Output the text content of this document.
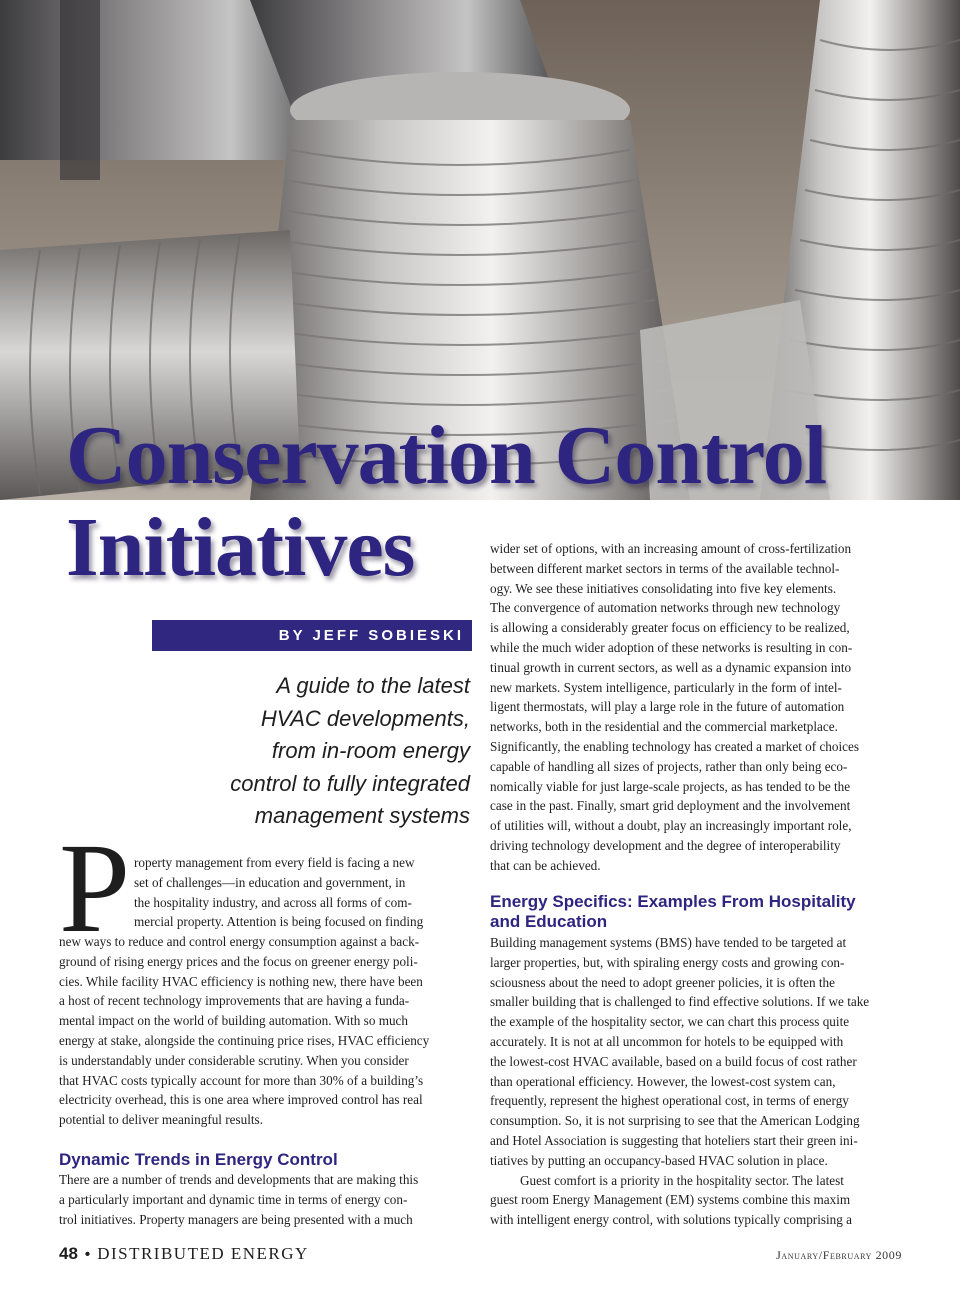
Conservation Control
Initiatives
BY JEFF SOBIESKI
A guide to the latest
HVAC developments,
from in-room energy
control to fully integrated
management systems
P roperty management from every field is facing a new
set of challenges—in education and government, in
the hospitality industry, and across all forms of com-
mercial property. Attention is being focused on finding
new ways to reduce and control energy consumption against a back-
ground of rising energy prices and the focus on greener energy poli-
cies. While facility HVAC efficiency is nothing new, there have been
a host of recent technology improvements that are having a funda-
mental impact on the world of building automation. With so much
energy at stake, alongside the continuing price rises, HVAC efficiency
is understandably under considerable scrutiny. When you consider
that HVAC costs typically account for more than 30% of a building’s
electricity overhead, this is one area where improved control has real
potential to deliver meaningful results.
Dynamic Trends in Energy Control
There are a number of trends and developments that are making this
a particularly important and dynamic time in terms of energy con-
trol initiatives. Property managers are being presented with a much
wider set of options, with an increasing amount of cross-fertilization
between different market sectors in terms of the available technol-
ogy. We see these initiatives consolidating into five key elements.
The convergence of automation networks through new technology
is allowing a considerably greater focus on efficiency to be realized,
while the much wider adoption of these networks is resulting in con-
tinual growth in current sectors, as well as a dynamic expansion into
new markets. System intelligence, particularly in the form of intel-
ligent thermostats, will play a large role in the future of automation
networks, both in the residential and the commercial marketplace.
Significantly, the enabling technology has created a market of choices
capable of handling all sizes of projects, rather than only being eco-
nomically viable for just large-scale projects, as has tended to be the
case in the past. Finally, smart grid deployment and the involvement
of utilities will, without a doubt, play an increasingly important role,
driving technology development and the degree of interoperability
that can be achieved.
Energy Specifics: Examples From Hospitality
and Education
Building management systems (BMS) have tended to be targeted at
larger properties, but, with spiraling energy costs and growing con-
sciousness about the need to adopt greener policies, it is often the
smaller building that is challenged to find effective solutions. If we take
the example of the hospitality sector, we can chart this process quite
accurately. It is not at all uncommon for hotels to be equipped with
the lowest-cost HVAC available, based on a build focus of cost rather
than operational efficiency. However, the lowest-cost system can,
frequently, represent the highest operational cost, in terms of energy
consumption. So, it is not surprising to see that the American Lodging
and Hotel Association is suggesting that hoteliers start their green ini-
tiatives by putting an occupancy-based HVAC solution in place.
Guest comfort is a priority in the hospitality sector. The latest
guest room Energy Management (EM) systems combine this maxim
with intelligent energy control, with solutions typically comprising a
48 • DISTRIBUTED ENERGY	January/February 2009
